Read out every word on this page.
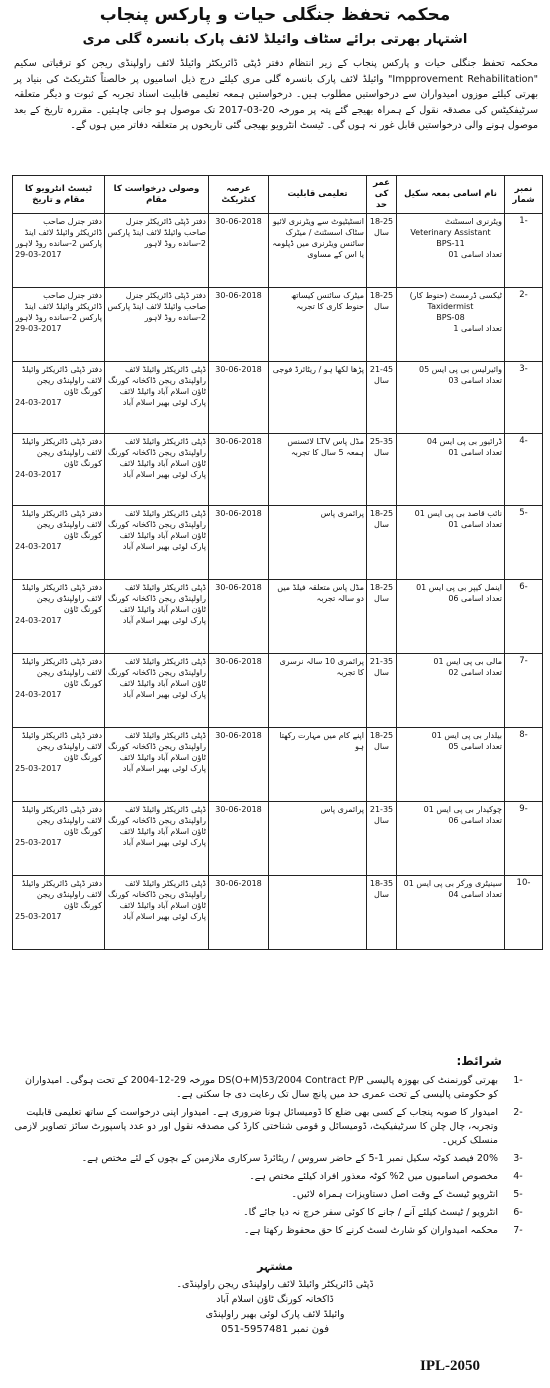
محکمہ تحفظ جنگلی حیات و پارکس پنجاب
اشتہار بھرتی برائے سٹاف وائیلڈ لائف پارک بانسرہ گلی مری
محکمہ تحفظ جنگلی حیات و پارکس پنجاب کے زیر انتظام دفتر ڈپٹی ڈائریکٹر وائیلڈ لائف راولپنڈی ریجن کو ترقیاتی سکیم "Impprovement Rehabilitation" وائیلڈ لائف پارک بانسرہ گلی مری کیلئے درج ذیل اسامیوں پر خالصتاً کنٹریکٹ کی بنیاد پر بھرتی کیلئے موزوں امیدواران سے درخواستیں مطلوب ہیں۔ درخواستیں ہمعہ تعلیمی قابلیت اسناد تجربہ کے ثبوت و دیگر متعلقہ سرٹیفکیٹس کی مصدقہ نقول کے ہمراہ بھیجے گئے پتہ پر مورخہ 20-03-2017 تک موصول ہو جانی چاہئیں۔ مقررہ تاریخ کے بعد موصول ہونے والی درخواستیں قابل غور نہ ہوں گی۔ ٹیسٹ انٹرویو بھیجی گئی تاریخوں پر متعلقہ دفاتر میں ہوں گے۔
نمبر شمار	نام اسامی بمعہ سکیل	عمر کی حد	تعلیمی قابلیت	عرصہ کنٹریکٹ	وصولی درخواست کا مقام	ٹیسٹ انٹرویو کا مقام و تاریخ
-1	ویٹرنری اسسٹنٹ
Veterinary Assistant
BPS-11
تعداد اسامی 01	18-25
سال	انسٹیٹیوٹ سے ویٹرنری لائیو سٹاک اسسٹنٹ / میٹرک سائنس ویٹرنری میں ڈپلومہ یا اس کے مساوی	30-06-2018	دفتر ڈپٹی ڈائریکٹر جنرل صاحب وائیلڈ لائف اینڈ پارکس 2-سانده روڈ لاہور	دفتر جنرل صاحب ڈائریکٹر وائیلڈ لائف اینڈ پارکس 2-سانده روڈ لاہور
29-03-2017

-2	ٹیکسی ڈرمسٹ (حنوط کار)
Taxidermist
BPS-08
تعداد اسامی 1	18-25
سال	میٹرک سائنس کیساتھ حنوط کاری کا تجربہ	30-06-2018	دفتر ڈپٹی ڈائریکٹر جنرل صاحب وائیلڈ لائف اینڈ پارکس 2-سانده روڈ لاہور	دفتر جنرل صاحب ڈائریکٹر وائیلڈ لائف اینڈ پارکس 2-سانده روڈ لاہور
29-03-2017

-3	وائیرلیس بی پی ایس 05
تعداد اسامی 03	21-45
سال	پڑھا لکھا ہو / ریٹائرڈ فوجی	30-06-2018	ڈپٹی ڈائریکٹر وائیلڈ لائف راولپنڈی ریجن ڈاکخانہ کورنگ ٹاؤن اسلام آباد وائیلڈ لائف پارک لوئی بھیر اسلام آباد	دفتر ڈپٹی ڈائریکٹر وائیلڈ لائف راولپنڈی ریجن کورنگ ٹاؤن
24-03-2017

-4	ڈرائیور بی پی ایس 04
تعداد اسامی 01	25-35
سال	مڈل پاس LTV لائسنس ہمعہ 5 سال کا تجربہ	30-06-2018	ڈپٹی ڈائریکٹر وائیلڈ لائف راولپنڈی ریجن ڈاکخانہ کورنگ ٹاؤن اسلام آباد وائیلڈ لائف پارک لوئی بھیر اسلام آباد	دفتر ڈپٹی ڈائریکٹر وائیلڈ لائف راولپنڈی ریجن کورنگ ٹاؤن
24-03-2017

-5	نائب قاصد بی پی ایس 01
تعداد اسامی 01	18-25
سال	پرائمری پاس	30-06-2018	ڈپٹی ڈائریکٹر وائیلڈ لائف راولپنڈی ریجن ڈاکخانہ کورنگ ٹاؤن اسلام آباد وائیلڈ لائف پارک لوئی بھیر اسلام آباد	دفتر ڈپٹی ڈائریکٹر وائیلڈ لائف راولپنڈی ریجن کورنگ ٹاؤن
24-03-2017

-6	اینمل کیپر بی پی ایس 01
تعداد اسامی 06	18-25
سال	مڈل پاس متعلقہ فیلڈ میں دو سالہ تجربہ	30-06-2018	ڈپٹی ڈائریکٹر وائیلڈ لائف راولپنڈی ریجن ڈاکخانہ کورنگ ٹاؤن اسلام آباد وائیلڈ لائف پارک لوئی بھیر اسلام آباد	دفتر ڈپٹی ڈائریکٹر وائیلڈ لائف راولپنڈی ریجن کورنگ ٹاؤن
24-03-2017

-7	مالی بی پی ایس 01
تعداد اسامی 02	21-35
سال	پرائمری 10 سالہ نرسری کا تجربہ	30-06-2018	ڈپٹی ڈائریکٹر وائیلڈ لائف راولپنڈی ریجن ڈاکخانہ کورنگ ٹاؤن اسلام آباد وائیلڈ لائف پارک لوئی بھیر اسلام آباد	دفتر ڈپٹی ڈائریکٹر وائیلڈ لائف راولپنڈی ریجن کورنگ ٹاؤن
24-03-2017

-8	بیلدار بی پی ایس 01
تعداد اسامی 05	18-25
سال	اپنے کام میں مہارت رکھتا ہو	30-06-2018	ڈپٹی ڈائریکٹر وائیلڈ لائف راولپنڈی ریجن ڈاکخانہ کورنگ ٹاؤن اسلام آباد وائیلڈ لائف پارک لوئی بھیر اسلام آباد	دفتر ڈپٹی ڈائریکٹر وائیلڈ لائف راولپنڈی ریجن کورنگ ٹاؤن
25-03-2017

-9	چوکیدار بی پی ایس 01
تعداد اسامی 06	21-35
سال	پرائمری پاس	30-06-2018	ڈپٹی ڈائریکٹر وائیلڈ لائف راولپنڈی ریجن ڈاکخانہ کورنگ ٹاؤن اسلام آباد وائیلڈ لائف پارک لوئی بھیر اسلام آباد	دفتر ڈپٹی ڈائریکٹر وائیلڈ لائف راولپنڈی ریجن کورنگ ٹاؤن
25-03-2017

-10	سینیٹری ورکر بی پی ایس 01
تعداد اسامی 04	18-35
سال		30-06-2018	ڈپٹی ڈائریکٹر وائیلڈ لائف راولپنڈی ریجن ڈاکخانہ کورنگ ٹاؤن اسلام آباد وائیلڈ لائف پارک لوئی بھیر اسلام آباد	دفتر ڈپٹی ڈائریکٹر وائیلڈ لائف راولپنڈی ریجن کورنگ ٹاؤن
25-03-2017
شرائط:
-1
بھرتی گورنمنٹ کی بھوزہ پالیسی DS(O+M)53/2004 Contract P/P مورخہ 29-12-2004 کے تحت ہوگی۔ امیدواران کو حکومتی پالیسی کے تحت عمری حد میں پانچ سال تک رعایت دی جا سکتی ہے۔
-2
امیدوار کا صوبہ پنجاب کے کسی بھی ضلع کا ڈومیسائل ہونا ضروری ہے۔ امیدوار اپنی درخواست کے ساتھ تعلیمی قابلیت وتجربہ، چال چلن کا سرٹیفیکیٹ، ڈومیسائل و قومی شناختی کارڈ کی مصدقہ نقول اور دو عدد پاسپورٹ سائز تصاویر لازمی منسلک کریں۔
-3
20% فیصد کوٹہ سکیل نمبر 1-5 کے حاضر سروس / ریٹائرڈ سرکاری ملازمین کے بچوں کے لئے مختص ہے۔
-4
مخصوص اسامیوں میں 2% کوٹہ معذور افراد کیلئے مختص ہے۔
-5
انٹرویو ٹیسٹ کے وقت اصل دستاویزات ہمراہ لائیں۔
-6
انٹرویو / ٹیسٹ کیلئے آنے / جانے کا کوئی سفر خرچ نہ دیا جائے گا۔
-7
محکمہ امیدواران کو شارٹ لسٹ کرنے کا حق محفوظ رکھتا ہے۔
مشتہر
ڈپٹی ڈائریکٹر وائیلڈ لائف راولپنڈی ریجن راولپنڈی۔
ڈاکخانہ کورنگ ٹاؤن اسلام آباد
وائیلڈ لائف پارک لوئی بھیر راولپنڈی
فون نمبر 051-5957481
IPL-2050
